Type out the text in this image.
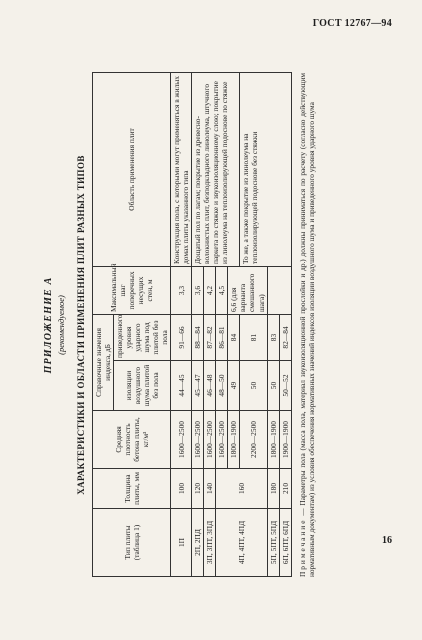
ГОСТ 12767—94
ПРИЛОЖЕНИЕ А (рекомендуемое) ХАРАКТЕРИСТИКИ И ОБЛАСТИ ПРИМЕНЕНИЯ ПЛИТ РАЗНЫХ ТИПОВ
Тип плиты (таблица 1)	Толщина плиты, мм	Средняя плотность бетона плиты, кг/м³	Справочные значения индекса, дБ		Максимальный шаг поперечных несущих стен, м	Область применения плит
			изоляции воздушного шума плитой без пола	приведенного уровня ударного шума под плитой без пола		
1П	100	1600—2500	44—45	91—66	3,3	Конструкция пола, с которыми могут применяться в жилых домах плиты указанного типа
2П, 2ПД	120	1600—2500	45—47	88—84	3,6	Дощатый пол по лагам; покрытие из древесно-волокнистых плит, безподкладного линолеума, штучного паркета по стяжке и звукоизоляционному слою; покрытие из линолеума на теплоизолирующей подоснове по стяжке
3П, 3ПТ, 3ПД	140	1600—2500	46—48	87—82	4,2	
4П, 4ПТ, 4ПД	160	1600—2500	48—50	86—81	4,5	
		1800—1900	49	84	6,6 (для варианта смешанного шага)	
		2200—2500	50	81		То же, а также покрытие из линолеума на теплоизолирующей подоснове без стяжки
5П, 5ПТ, 5ПД	180	1800—1900	50	83		
6П, 6ПТ, 6ПД	210	1900—1900	50—52	82—84		
Примечание — Параметры пола (масса пола, материал звукоизоляционной прослойки и др.) должны приниматься по расчету (согласно действующим нормативным документам) из условия обеспечения нормативных значений индексов изоляции воздушного шума и приведенного уровня ударного шума	16
